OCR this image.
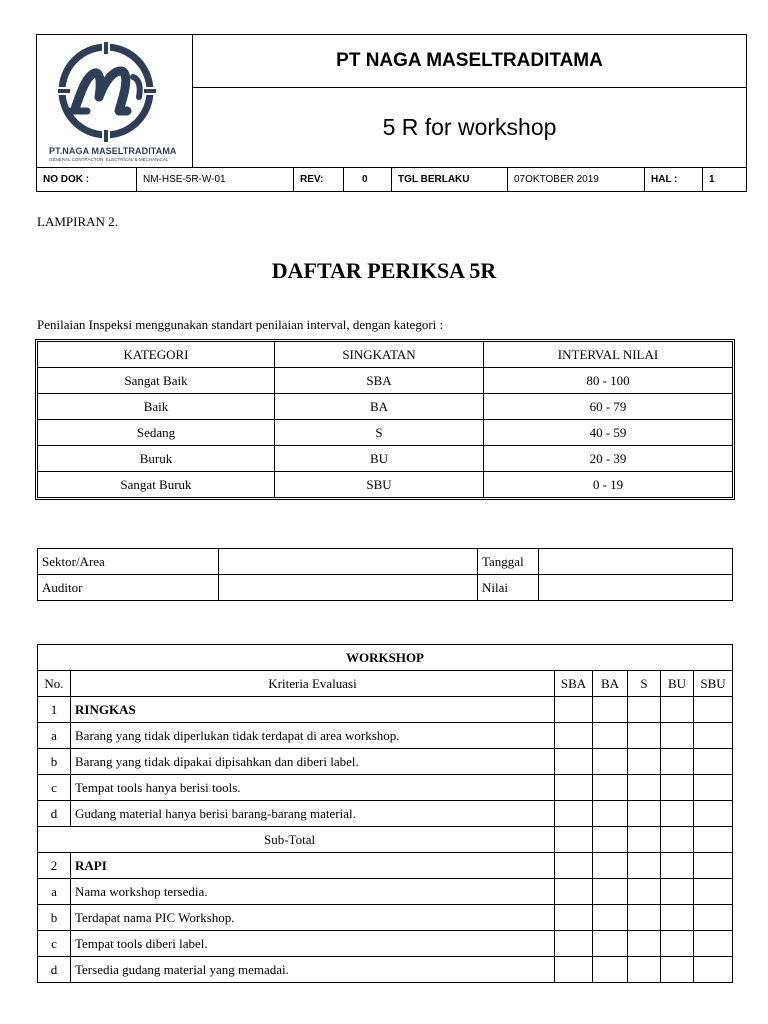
PT.NAGA MASELTRADITAMA
GENERAL CONTRACTOR, ELECTRICAL & MECHANICAL
PT NAGA MASELTRADITAMA
5 R for workshop
NO DOK :	NM-HSE-5R-W-01	REV:	0	TGL BERLAKU	07OKTOBER 2019	HAL :	1
LAMPIRAN 2.
DAFTAR PERIKSA 5R
Penilaian Inspeksi menggunakan standart penilaian interval, dengan kategori :
KATEGORI	SINGKATAN	INTERVAL NILAI
Sangat Baik	SBA	80 - 100
Baik	BA	60 - 79
Sedang	S	40 - 59
Buruk	BU	20 - 39
Sangat Buruk	SBU	0 - 19
Sektor/Area		Tanggal	
Auditor		Nilai	
WORKSHOP						
No.	Kriteria Evaluasi	SBA	BA	S	BU	SBU
1	RINGKAS					
a	Barang yang tidak diperlukan tidak terdapat di area workshop.					
b	Barang yang tidak dipakai dipisahkan dan diberi label.					
c	Tempat tools hanya berisi tools.					
d	Gudang material hanya berisi barang-barang material.					
Sub-Total						
2	RAPI					
a	Nama workshop tersedia.					
b	Terdapat nama PIC Workshop.					
c	Tempat tools diberi label.					
d	Tersedia gudang material yang memadai.					
